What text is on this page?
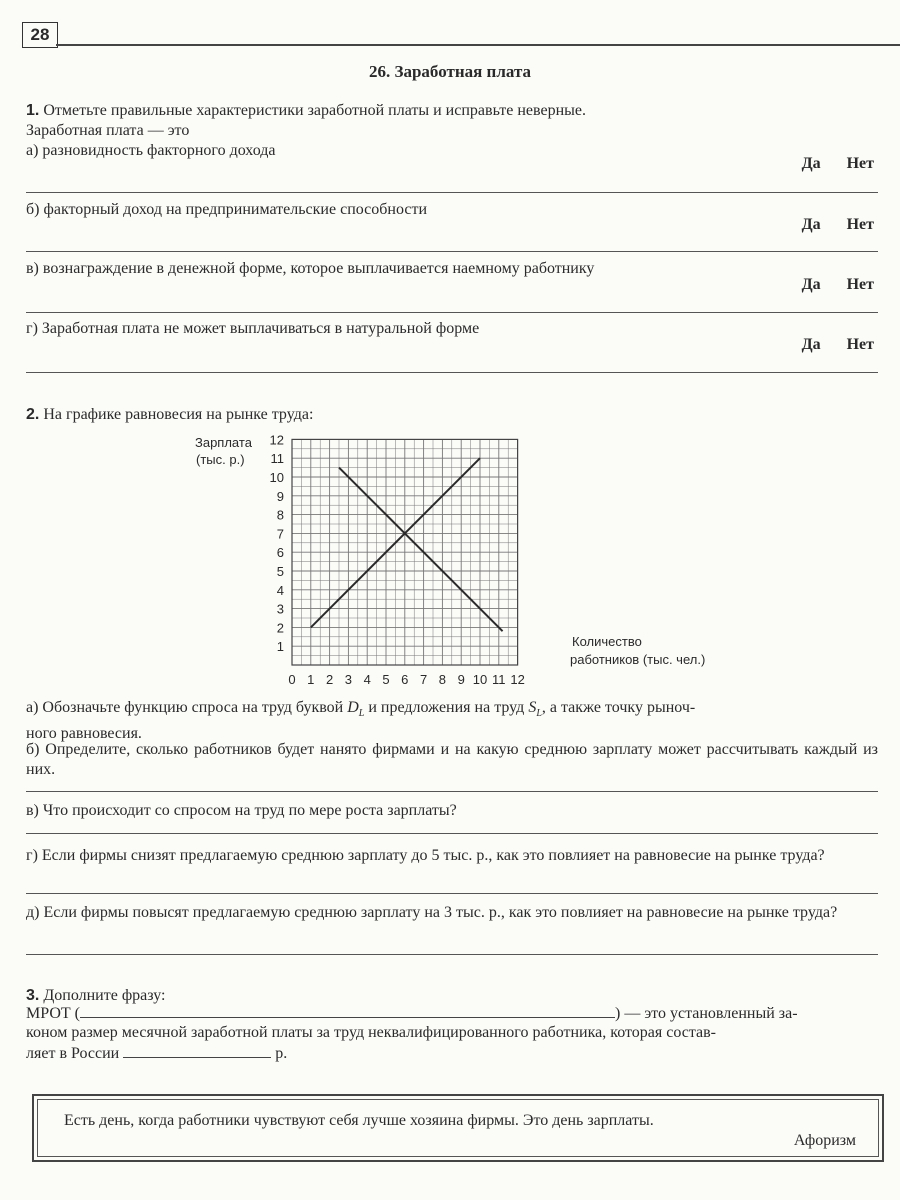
28
26. Заработная плата
1. Отметьте правильные характеристики заработной платы и исправьте неверные.
Заработная плата — это
а) разновидность факторного дохода
Да Нет
б) факторный доход на предпринимательские способности
Да Нет
в) вознаграждение в денежной форме, которое выплачивается наемному работнику
Да Нет
г) Заработная плата не может выплачиваться в натуральной форме
Да Нет
2. На графике равновесия на рынке труда:
Зарплата
(тыс. р.)
Количество
работников (тыс. чел.)
0 1 2 3 4 5 6 7 8 9 10 11 12
1
2
3
4
5
6
7
8
9
10
11
12
а) Обозначьте функцию спроса на труд буквой $D_L$ и предложения на труд $S_L$, а также точку рыноч-
ного равновесия.
б) Определите, сколько работников будет нанято фирмами и на какую среднюю зарплату может рассчитывать каждый из них.
в) Что происходит со спросом на труд по мере роста зарплаты?
г) Если фирмы снизят предлагаемую среднюю зарплату до 5 тыс. р., как это повлияет на равновесие на рынке труда?
д) Если фирмы повысят предлагаемую среднюю зарплату на 3 тыс. р., как это повлияет на равновесие на рынке труда?
3. Дополните фразу:
МРОТ (	) — это установленный за-
коном размер месячной заработной платы за труд неквалифицированного работника, которая состав-
ляет в России	р.
Есть день, когда работники чувствуют себя лучше хозяина фирмы. Это день зарплаты.
Афоризм
